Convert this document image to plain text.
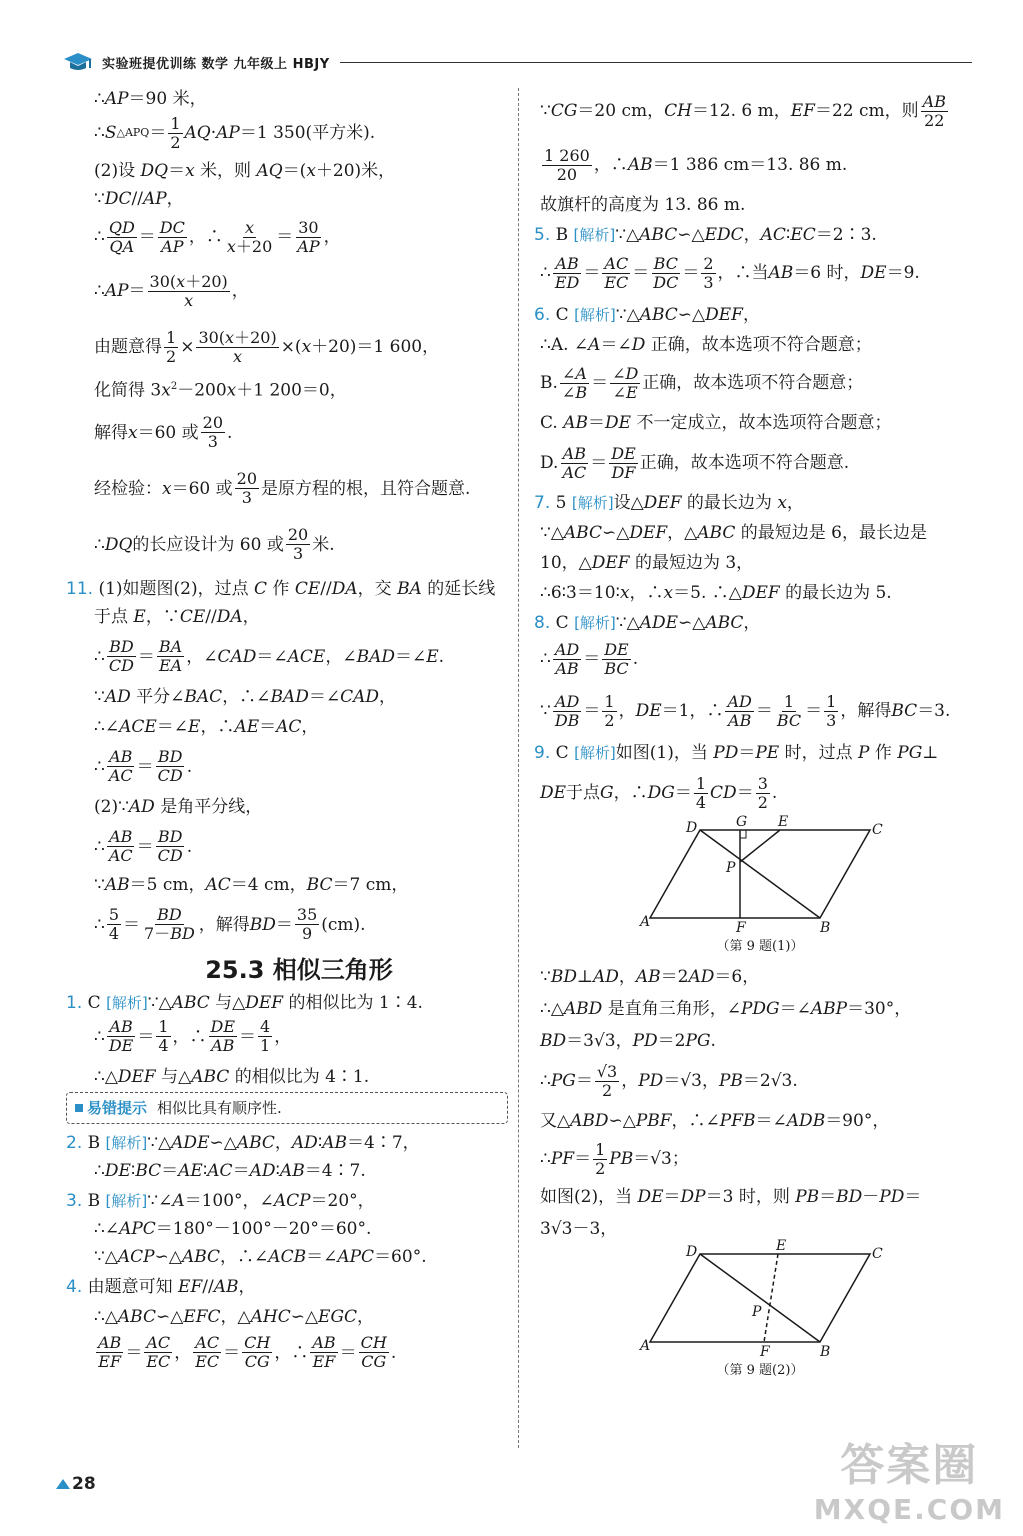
实验班提优训练 数学 九年级上 HBJY
∴AP＝90 米，
∴ S △APQ ＝ $\frac{1}{2}$ AQ · AP ＝1 350(平方米).
(2)设 DQ＝x 米，则 AQ＝(x＋20)米，
∵DC//AP，
∴ $\frac{QD}{QA} = \frac{DC}{AP}$ ，∴ $\frac{x}{x+20} = \frac{30}{AP}$ ，
∴ AP ＝ $\frac{30(x+20)}{x}$ ，
由题意得 $\frac{1}{2} \times \frac{30(x+20)}{x}$ ×( x ＋20)＝1 600，
化简得 $3x^2-200x+1$ 200＝0，
解得 x ＝60 或 $\frac{20}{3}$ .
经检验： x ＝60 或 $\frac{20}{3}$ 是原方程的根，且符合题意.
∴ DQ 的长应设计为 60 或 $\frac{20}{3}$ 米.
11. (1)如题图(2)，过点 C 作 CE//DA，交 BA 的延长线
于点 E，∵CE//DA，
∴ $\frac{BD}{CD} = \frac{BA}{EA}$ ，∠ CAD ＝∠ ACE ，∠ BAD ＝∠ E .
∵AD 平分∠BAC，∴∠BAD＝∠CAD，
∴∠ACE＝∠E，∴AE＝AC，
∴ $\frac{AB}{AC} = \frac{BD}{CD}$ .
(2)∵AD 是角平分线，
∴ $\frac{AB}{AC} = \frac{BD}{CD}$ .
∵AB＝5 cm，AC＝4 cm，BC＝7 cm，
∴ $\frac{5}{4} = \frac{BD}{7-BD}$ ，解得 BD ＝ $\frac{35}{9} (cm)$.
25.3 相似三角形
1. C [解析]∵△ABC 与△DEF 的相似比为 1∶4.
∴ $\frac{AB}{DE} = \frac{1}{4}$ ，∴ $\frac{DE}{AB} = \frac{4}{1}$ ，
∴△DEF 与△ABC 的相似比为 4∶1.
易错提示 相似比具有顺序性.
2. B [解析]∵△ADE∽△ABC，AD∶AB＝4∶7，
∴DE∶BC＝AE∶AC＝AD∶AB＝4∶7.
3. B [解析]∵∠A＝100°，∠ACP＝20°，
∴∠APC＝180°－100°－20°＝60°.
∵△ACP∽△ABC，∴∠ACB＝∠APC＝60°.
4. 由题意可知 EF//AB，
∴△ABC∽△EFC，△AHC∽△EGC，
$\frac{AB}{EF} = \frac{AC}{EC}$ ， $\frac{AC}{EC} = \frac{CH}{CG}$ ，∴ $\frac{AB}{EF} = \frac{CH}{CG}$ .
∵ CG ＝20 cm， CH ＝12. 6 m， EF ＝22 cm，则 $\frac{AB}{22}$
$\frac{1 260}{20}$ ，∴ AB ＝1 386 cm＝13. 86 m.
故旗杆的高度为 13. 86 m.
5. B [解析]∵△ABC∽△EDC，AC∶EC＝2∶3.
∴ $\frac{AB}{ED} = \frac{AC}{EC} = \frac{BC}{DC} = \frac{2}{3}$ ，∴当 AB ＝6 时， DE ＝9.
6. C [解析]∵△ABC∽△DEF，
∴A. ∠A＝∠D 正确，故本选项不符合题意；
B. $\frac{\angle A}{\angle B} = \frac{\angle D}{\angle E}$ 正确，故本选项不符合题意；
C. AB＝DE 不一定成立，故本选项符合题意；
D. $\frac{AB}{AC} = \frac{DE}{DF}$ 正确，故本选项不符合题意.
7. 5 [解析]设△DEF 的最长边为 x，
∵△ABC∽△DEF，△ABC 的最短边是 6，最长边是
10，△DEF 的最短边为 3，
∴6∶3＝10∶x，∴x＝5. ∴△DEF 的最长边为 5.
8. C [解析]∵△ADE∽△ABC，
∴ $\frac{AD}{AB} = \frac{DE}{BC}$ .
∵ $\frac{AD}{DB} = \frac{1}{2}$ ， DE ＝1，∴ $\frac{AD}{AB} = \frac{1}{BC} = \frac{1}{3}$ ，解得 BC ＝3.
9. C [解析]如图(1)，当 PD＝PE 时，过点 P 作 PG⊥
DE 于点 G ，∴ DG ＝ $\frac{1}{4}$ CD ＝ $\frac{3}{2}$ .
D	G E	C
P
A	F	B
（第 9 题(1)）
∵BD⊥AD，AB＝2AD＝6，
∴△ABD 是直角三角形，∠PDG＝∠ABP＝30°，
BD＝3√3，PD＝2PG.
∴ PG ＝ $\frac{√3}{2}$ ， PD ＝√3， PB ＝2√3.
又△ABD∽△PBF，∴∠PFB＝∠ADB＝90°，
∴ PF ＝ $\frac{1}{2}$ PB ＝√3；
如图(2)，当 DE＝DP＝3 时，则 PB＝BD－PD＝
3√3－3，
D	E	C
P
A	F	B
（第 9 题(2)）
28	答案圈
MXQE.COM
